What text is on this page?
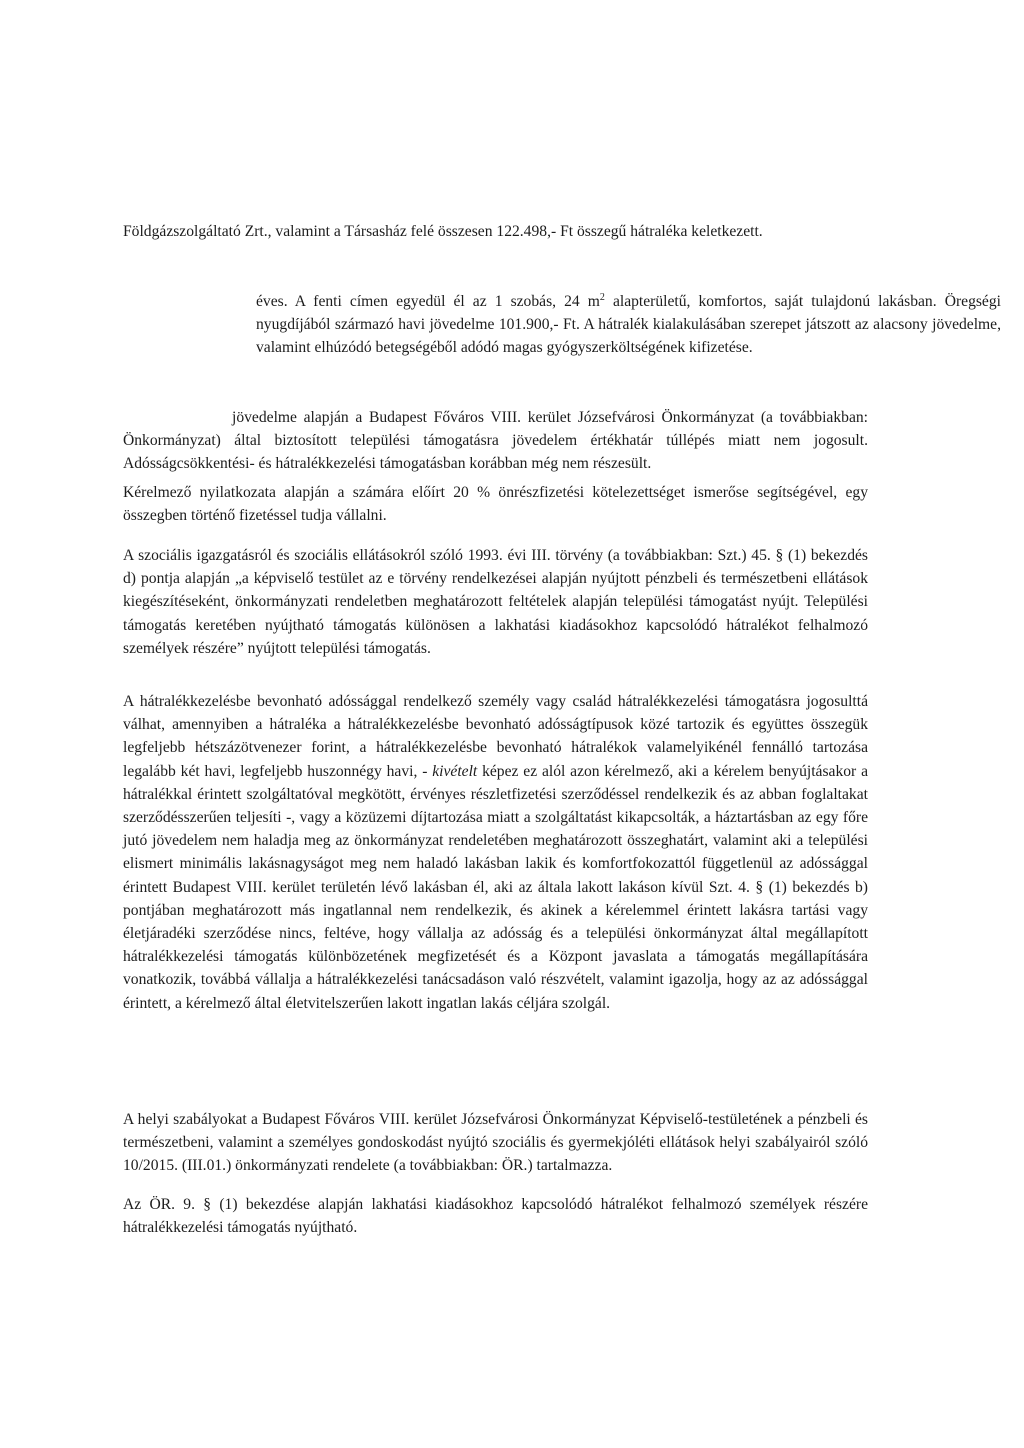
Földgázszolgáltató Zrt., valamint a Társasház felé összesen 122.498,- Ft összegű hátraléka keletkezett.

éves. A fenti címen egyedül él az 1 szobás, 24 $m^2$ alapterületű, komfortos, saját tulajdonú lakásban. Öregségi nyugdíjából származó havi jövedelme 101.900,- Ft. A hátralék kialakulásában szerepet játszott az alacsony jövedelme, valamint elhúzódó betegségéből adódó magas gyógyszerköltségének kifizetése.

jövedelme alapján a Budapest Főváros VIII. kerület Józsefvárosi Önkormányzat (a továbbiakban: Önkormányzat) által biztosított települési támogatásra jövedelem értékhatár túllépés miatt nem jogosult. Adósságcsökkentési- és hátralékkezelési támogatásban korábban még nem részesült.

Kérelmező nyilatkozata alapján a számára előírt 20 % önrészfizetési kötelezettséget ismerőse segítségével, egy összegben történő fizetéssel tudja vállalni.

A szociális igazgatásról és szociális ellátásokról szóló 1993. évi III. törvény (a továbbiakban: Szt.) 45. § (1) bekezdés d) pontja alapján „a képviselő testület az e törvény rendelkezései alapján nyújtott pénzbeli és természetbeni ellátások kiegészítéseként, önkormányzati rendeletben meghatározott feltételek alapján települési támogatást nyújt. Települési támogatás keretében nyújtható támogatás különösen a lakhatási kiadásokhoz kapcsolódó hátralékot felhalmozó személyek részére” nyújtott települési támogatás.

A hátralékkezelésbe bevonható adóssággal rendelkező személy vagy család hátralékkezelési támogatásra jogosulttá válhat, amennyiben a hátraléka a hátralékkezelésbe bevonható adósságtípusok közé tartozik és együttes összegük legfeljebb hétszázötvenezer forint, a hátralékkezelésbe bevonható hátralékok valamelyikénél fennálló tartozása legalább két havi, legfeljebb huszonnégy havi, - kivételt képez ez alól azon kérelmező, aki a kérelem benyújtásakor a hátralékkal érintett szolgáltatóval megkötött, érvényes részletfizetési szerződéssel rendelkezik és az abban foglaltakat szerződésszerűen teljesíti -, vagy a közüzemi díjtartozása miatt a szolgáltatást kikapcsolták, a háztartásban az egy főre jutó jövedelem nem haladja meg az önkormányzat rendeletében meghatározott összeghatárt, valamint aki a települési elismert minimális lakásnagyságot meg nem haladó lakásban lakik és komfortfokozattól függetlenül az adóssággal érintett Budapest VIII. kerület területén lévő lakásban él, aki az általa lakott lakáson kívül Szt. 4. § (1) bekezdés b) pontjában meghatározott más ingatlannal nem rendelkezik, és akinek a kérelemmel érintett lakásra tartási vagy életjáradéki szerződése nincs, feltéve, hogy vállalja az adósság és a települési önkormányzat által megállapított hátralékkezelési támogatás különbözetének megfizetését és a Központ javaslata a támogatás megállapítására vonatkozik, továbbá vállalja a hátralékkezelési tanácsadáson való részvételt, valamint igazolja, hogy az az adóssággal érintett, a kérelmező által életvitelszerűen lakott ingatlan lakás céljára szolgál.

A helyi szabályokat a Budapest Főváros VIII. kerület Józsefvárosi Önkormányzat Képviselő-testületének a pénzbeli és természetbeni, valamint a személyes gondoskodást nyújtó szociális és gyermekjóléti ellátások helyi szabályairól szóló 10/2015. (III.01.) önkormányzati rendelete (a továbbiakban: ÖR.) tartalmazza.

Az ÖR. 9. § (1) bekezdése alapján lakhatási kiadásokhoz kapcsolódó hátralékot felhalmozó személyek részére hátralékkezelési támogatás nyújtható.
